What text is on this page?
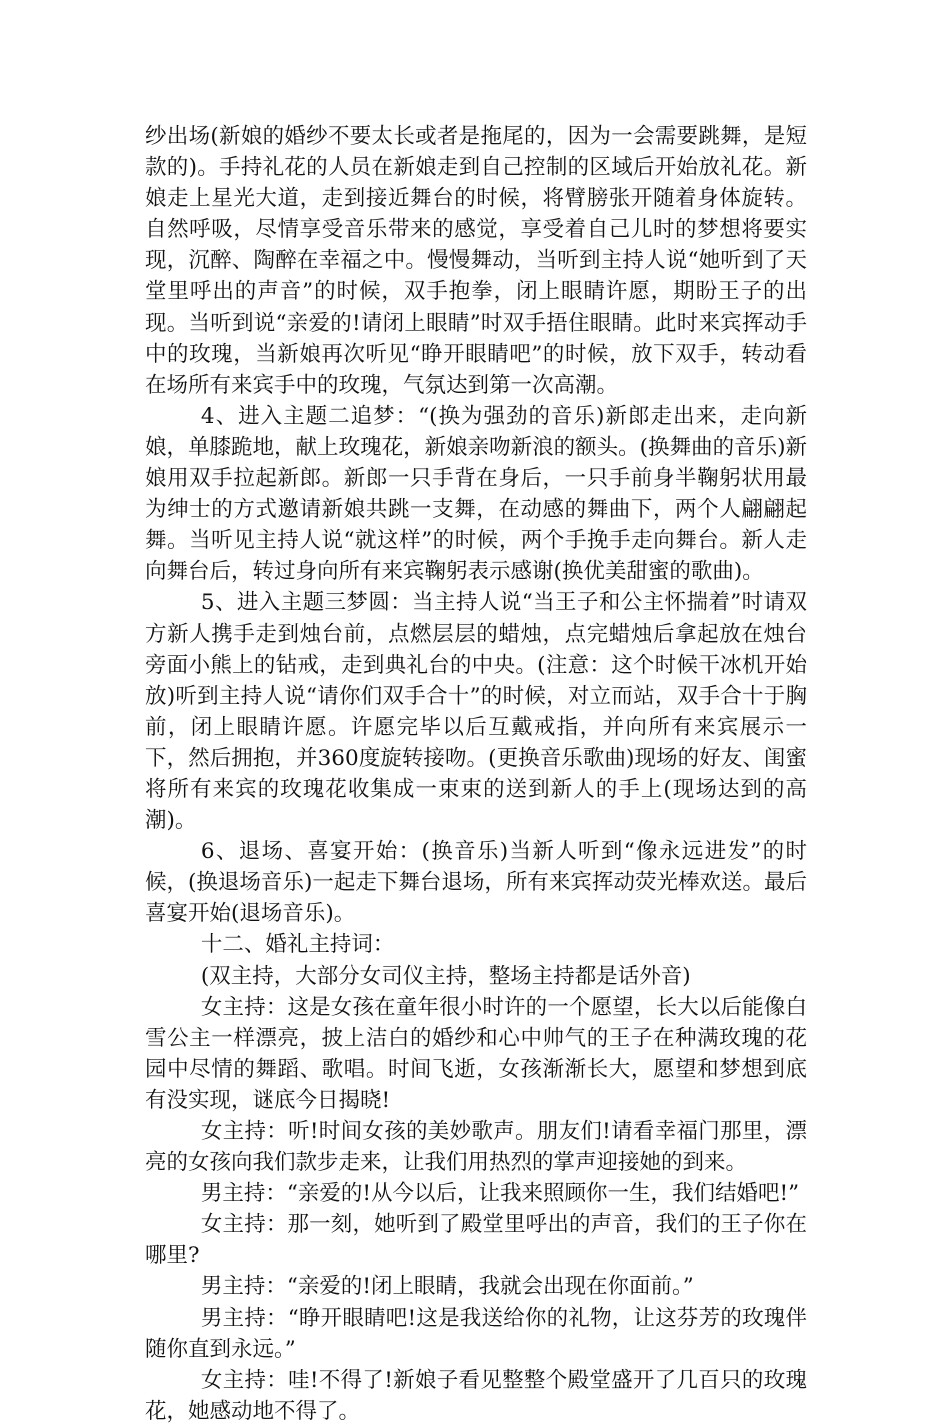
纱出场(新娘的婚纱不要太长或者是拖尾的，因为一会需要跳舞，是短款的)。手持礼花的人员在新娘走到自己控制的区域后开始放礼花。新娘走上星光大道，走到接近舞台的时候，将臂膀张开随着身体旋转。自然呼吸，尽情享受音乐带来的感觉，享受着自己儿时的梦想将要实现，沉醉、陶醉在幸福之中。慢慢舞动，当听到主持人说“她听到了天堂里呼出的声音”的时候，双手抱拳，闭上眼睛许愿，期盼王子的出现。当听到说“亲爱的!请闭上眼睛”时双手捂住眼睛。此时来宾挥动手中的玫瑰，当新娘再次听见“睁开眼睛吧”的时候，放下双手，转动看在场所有来宾手中的玫瑰，气氛达到第一次高潮。

4、进入主题二追梦：“(换为强劲的音乐)新郎走出来，走向新娘，单膝跪地，献上玫瑰花，新娘亲吻新浪的额头。(换舞曲的音乐)新娘用双手拉起新郎。新郎一只手背在身后，一只手前身半鞠躬状用最为绅士的方式邀请新娘共跳一支舞，在动感的舞曲下，两个人翩翩起舞。当听见主持人说“就这样”的时候，两个手挽手走向舞台。新人走向舞台后，转过身向所有来宾鞠躬表示感谢(换优美甜蜜的歌曲)。

5、进入主题三梦圆：当主持人说“当王子和公主怀揣着”时请双方新人携手走到烛台前，点燃层层的蜡烛，点完蜡烛后拿起放在烛台旁面小熊上的钻戒，走到典礼台的中央。(注意：这个时候干冰机开始放)听到主持人说“请你们双手合十”的时候，对立而站，双手合十于胸前，闭上眼睛许愿。许愿完毕以后互戴戒指，并向所有来宾展示一下，然后拥抱，并360度旋转接吻。(更换音乐歌曲)现场的好友、闺蜜将所有来宾的玫瑰花收集成一束束的送到新人的手上(现场达到的高潮)。

6、退场、喜宴开始：(换音乐)当新人听到“像永远进发”的时候，(换退场音乐)一起走下舞台退场，所有来宾挥动荧光棒欢送。最后喜宴开始(退场音乐)。

十二、婚礼主持词：

(双主持，大部分女司仪主持，整场主持都是话外音)

女主持：这是女孩在童年很小时许的一个愿望，长大以后能像白雪公主一样漂亮，披上洁白的婚纱和心中帅气的王子在种满玫瑰的花园中尽情的舞蹈、歌唱。时间飞逝，女孩渐渐长大，愿望和梦想到底有没实现，谜底今日揭晓!

女主持：听!时间女孩的美妙歌声。朋友们!请看幸福门那里，漂亮的女孩向我们款步走来，让我们用热烈的掌声迎接她的到来。

男主持：“亲爱的!从今以后，让我来照顾你一生，我们结婚吧!”

女主持：那一刻，她听到了殿堂里呼出的声音，我们的王子你在哪里?

男主持：“亲爱的!闭上眼睛，我就会出现在你面前。”

男主持：“睁开眼睛吧!这是我送给你的礼物，让这芬芳的玫瑰伴随你直到永远。”

女主持：哇!不得了!新娘子看见整整个殿堂盛开了几百只的玫瑰花，她感动地不得了。
